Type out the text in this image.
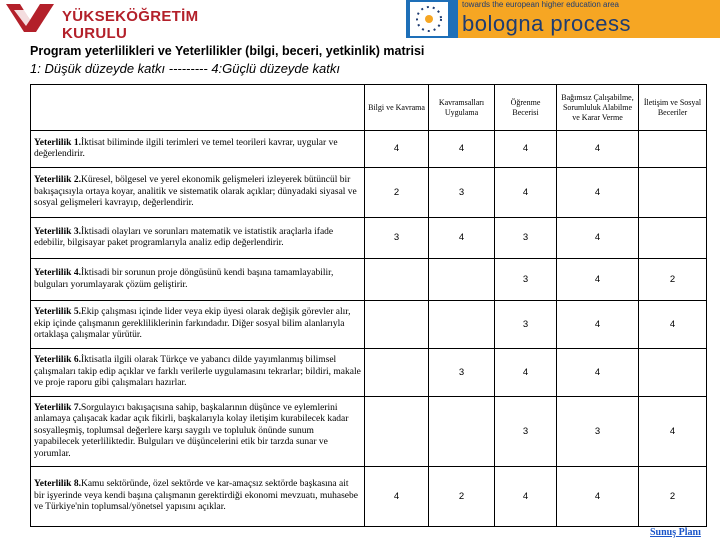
YÜKSEKÖĞRETİM KURULU
towards the european higher education area
bologna process
Program yeterlilikleri ve Yeterlilikler (bilgi, beceri, yetkinlik) matrisi
1: Düşük düzeyde katkı --------- 4:Güçlü düzeyde katkı
	Bilgi ve Kavrama	Kavramsalları Uygulama	Öğrenme Becerisi	Bağımsız Çalışabilme, Sorumluluk Alabilme ve Karar Verme	İletişim ve Sosyal Beceriler
Yeterlilik 1.İktisat biliminde ilgili terimleri ve temel teorileri kavrar, uygular ve değerlendirir.	4	4	4	4	
Yeterlilik 2.Küresel, bölgesel ve yerel ekonomik gelişmeleri izleyerek bütüncül bir bakışaçısıyla ortaya koyar, analitik ve sistematik olarak açıklar; dünyadaki siyasal ve sosyal gelişmeleri kavrayıp, değerlendirir.	2	3	4	4	
Yeterlilik 3.İktisadi olayları ve sorunları matematik ve istatistik araçlarla ifade edebilir, bilgisayar paket programlarıyla analiz edip değerlendirir.	3	4	3	4	
Yeterlilik 4.İktisadi bir sorunun proje döngüsünü kendi başına tamamlayabilir, bulguları yorumlayarak çözüm geliştirir.			3	4	2
Yeterlilik 5.Ekip çalışması içinde lider veya ekip üyesi olarak değişik görevler alır, ekip içinde çalışmanın gerekliliklerinin farkındadır. Diğer sosyal bilim alanlarıyla ortaklaşa çalışmalar yürütür.			3	4	4
Yeterlilik 6.İktisatla ilgili olarak Türkçe ve yabancı dilde yayımlanmış bilimsel çalışmaları takip edip açıklar ve farklı verilerle uygulamasını tekrarlar; bildiri, makale ve proje raporu gibi çalışmaları hazırlar.		3	4	4	
Yeterlilik 7.Sorgulayıcı bakışaçısına sahip, başkalarının düşünce ve eylemlerini anlamaya çalışacak kadar açık fikirli, başkalarıyla kolay iletişim kurabilecek kadar sosyalleşmiş, toplumsal değerlere karşı saygılı ve topluluk önünde sunum yapabilecek yeterliliktedir. Bulguları ve düşüncelerini etik bir tarzda sunar ve yorumlar.			3	3	4
Yeterlilik 8.Kamu sektöründe, özel sektörde ve kar-amaçsız sektörde başkasına ait bir işyerinde veya kendi başına çalışmanın gerektirdiği ekonomi mevzuatı, muhasebe ve Türkiye'nin toplumsal/yönetsel yapısını açıklar.	4	2	4	4	2
Sunuş Planı
